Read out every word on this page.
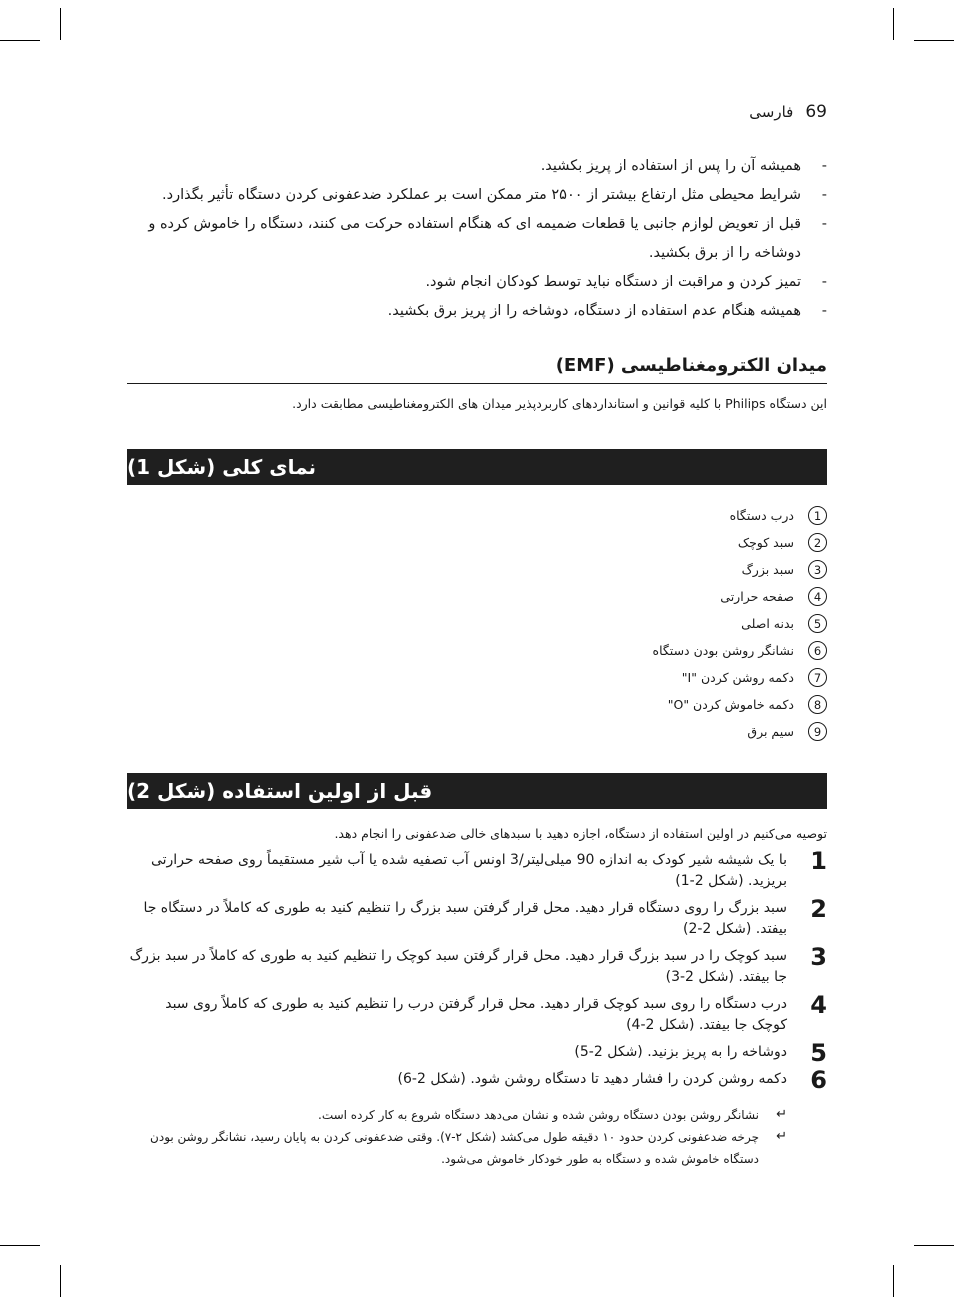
فارسی 69
-
همیشه آن را پس از استفاده از پریز بکشید.
-
شرایط محیطی مثل ارتفاع بیشتر از ۲۵۰۰ متر ممکن است بر عملکرد ضدعفونی کردن دستگاه تأثیر بگذارد.
-
قبل از تعویض لوازم جانبی یا قطعات ضمیمه ای که هنگام استفاده حرکت می کنند، دستگاه را خاموش کرده و دوشاخه را از برق بکشید.
-
تمیز کردن و مراقبت از دستگاه نباید توسط کودکان انجام شود.
-
همیشه هنگام عدم استفاده از دستگاه، دوشاخه را از پریز برق بکشید.
میدان الکترومغناطیسی (EMF)
این دستگاه Philips با کلیه قوانین و استانداردهای کاربردپذیر میدان های الکترومغناطیسی مطابقت دارد.
نمای کلی (شکل 1)
1
درب دستگاه
2
سبد کوچک
3
سبد بزرگ
4
صفحه حرارتی
5
بدنه اصلی
6
نشانگر روشن بودن دستگاه
7
دکمه روشن کردن "I"
8
دکمه خاموش کردن "O"
9
سیم برق
قبل از اولین استفاده (شکل 2)
توصیه می‌کنیم در اولین استفاده از دستگاه، اجازه دهید با سبدهای خالی ضدعفونی را انجام دهد.
1
با یک شیشه شیر کودک به اندازه 90 میلی‌لیتر/3 اونس آب تصفیه شده یا آب شیر مستقیماً روی صفحه حرارتی بریزید. (شکل 2-1)
2
سبد بزرگ را روی دستگاه قرار دهید. محل قرار گرفتن سبد بزرگ را تنظیم کنید به طوری که کاملاً در دستگاه جا بیفتد. (شکل 2-2)
3
سبد کوچک را در سبد بزرگ قرار دهید. محل قرار گرفتن سبد کوچک را تنظیم کنید به طوری که کاملاً در سبد بزرگ جا بیفتد. (شکل 2-3)
4
درب دستگاه را روی سبد کوچک قرار دهید. محل قرار گرفتن درب را تنظیم کنید به طوری که کاملاً روی سبد کوچک جا بیفتد. (شکل 2-4)
5
دوشاخه را به پریز بزنید. (شکل 2-5)
6
دکمه روشن کردن را فشار دهید تا دستگاه روشن شود. (شکل 2-6)
↵
نشانگر روشن بودن دستگاه روشن شده و نشان می‌دهد دستگاه شروع به کار کرده است.
↵
چرخه ضدعفونی کردن حدود ۱۰ دقیقه طول می‌کشد (شکل ۲-۷). وقتی ضدعفونی کردن به پایان رسید، نشانگر روشن بودن دستگاه خاموش شده و دستگاه به طور خودکار خاموش می‌شود.
